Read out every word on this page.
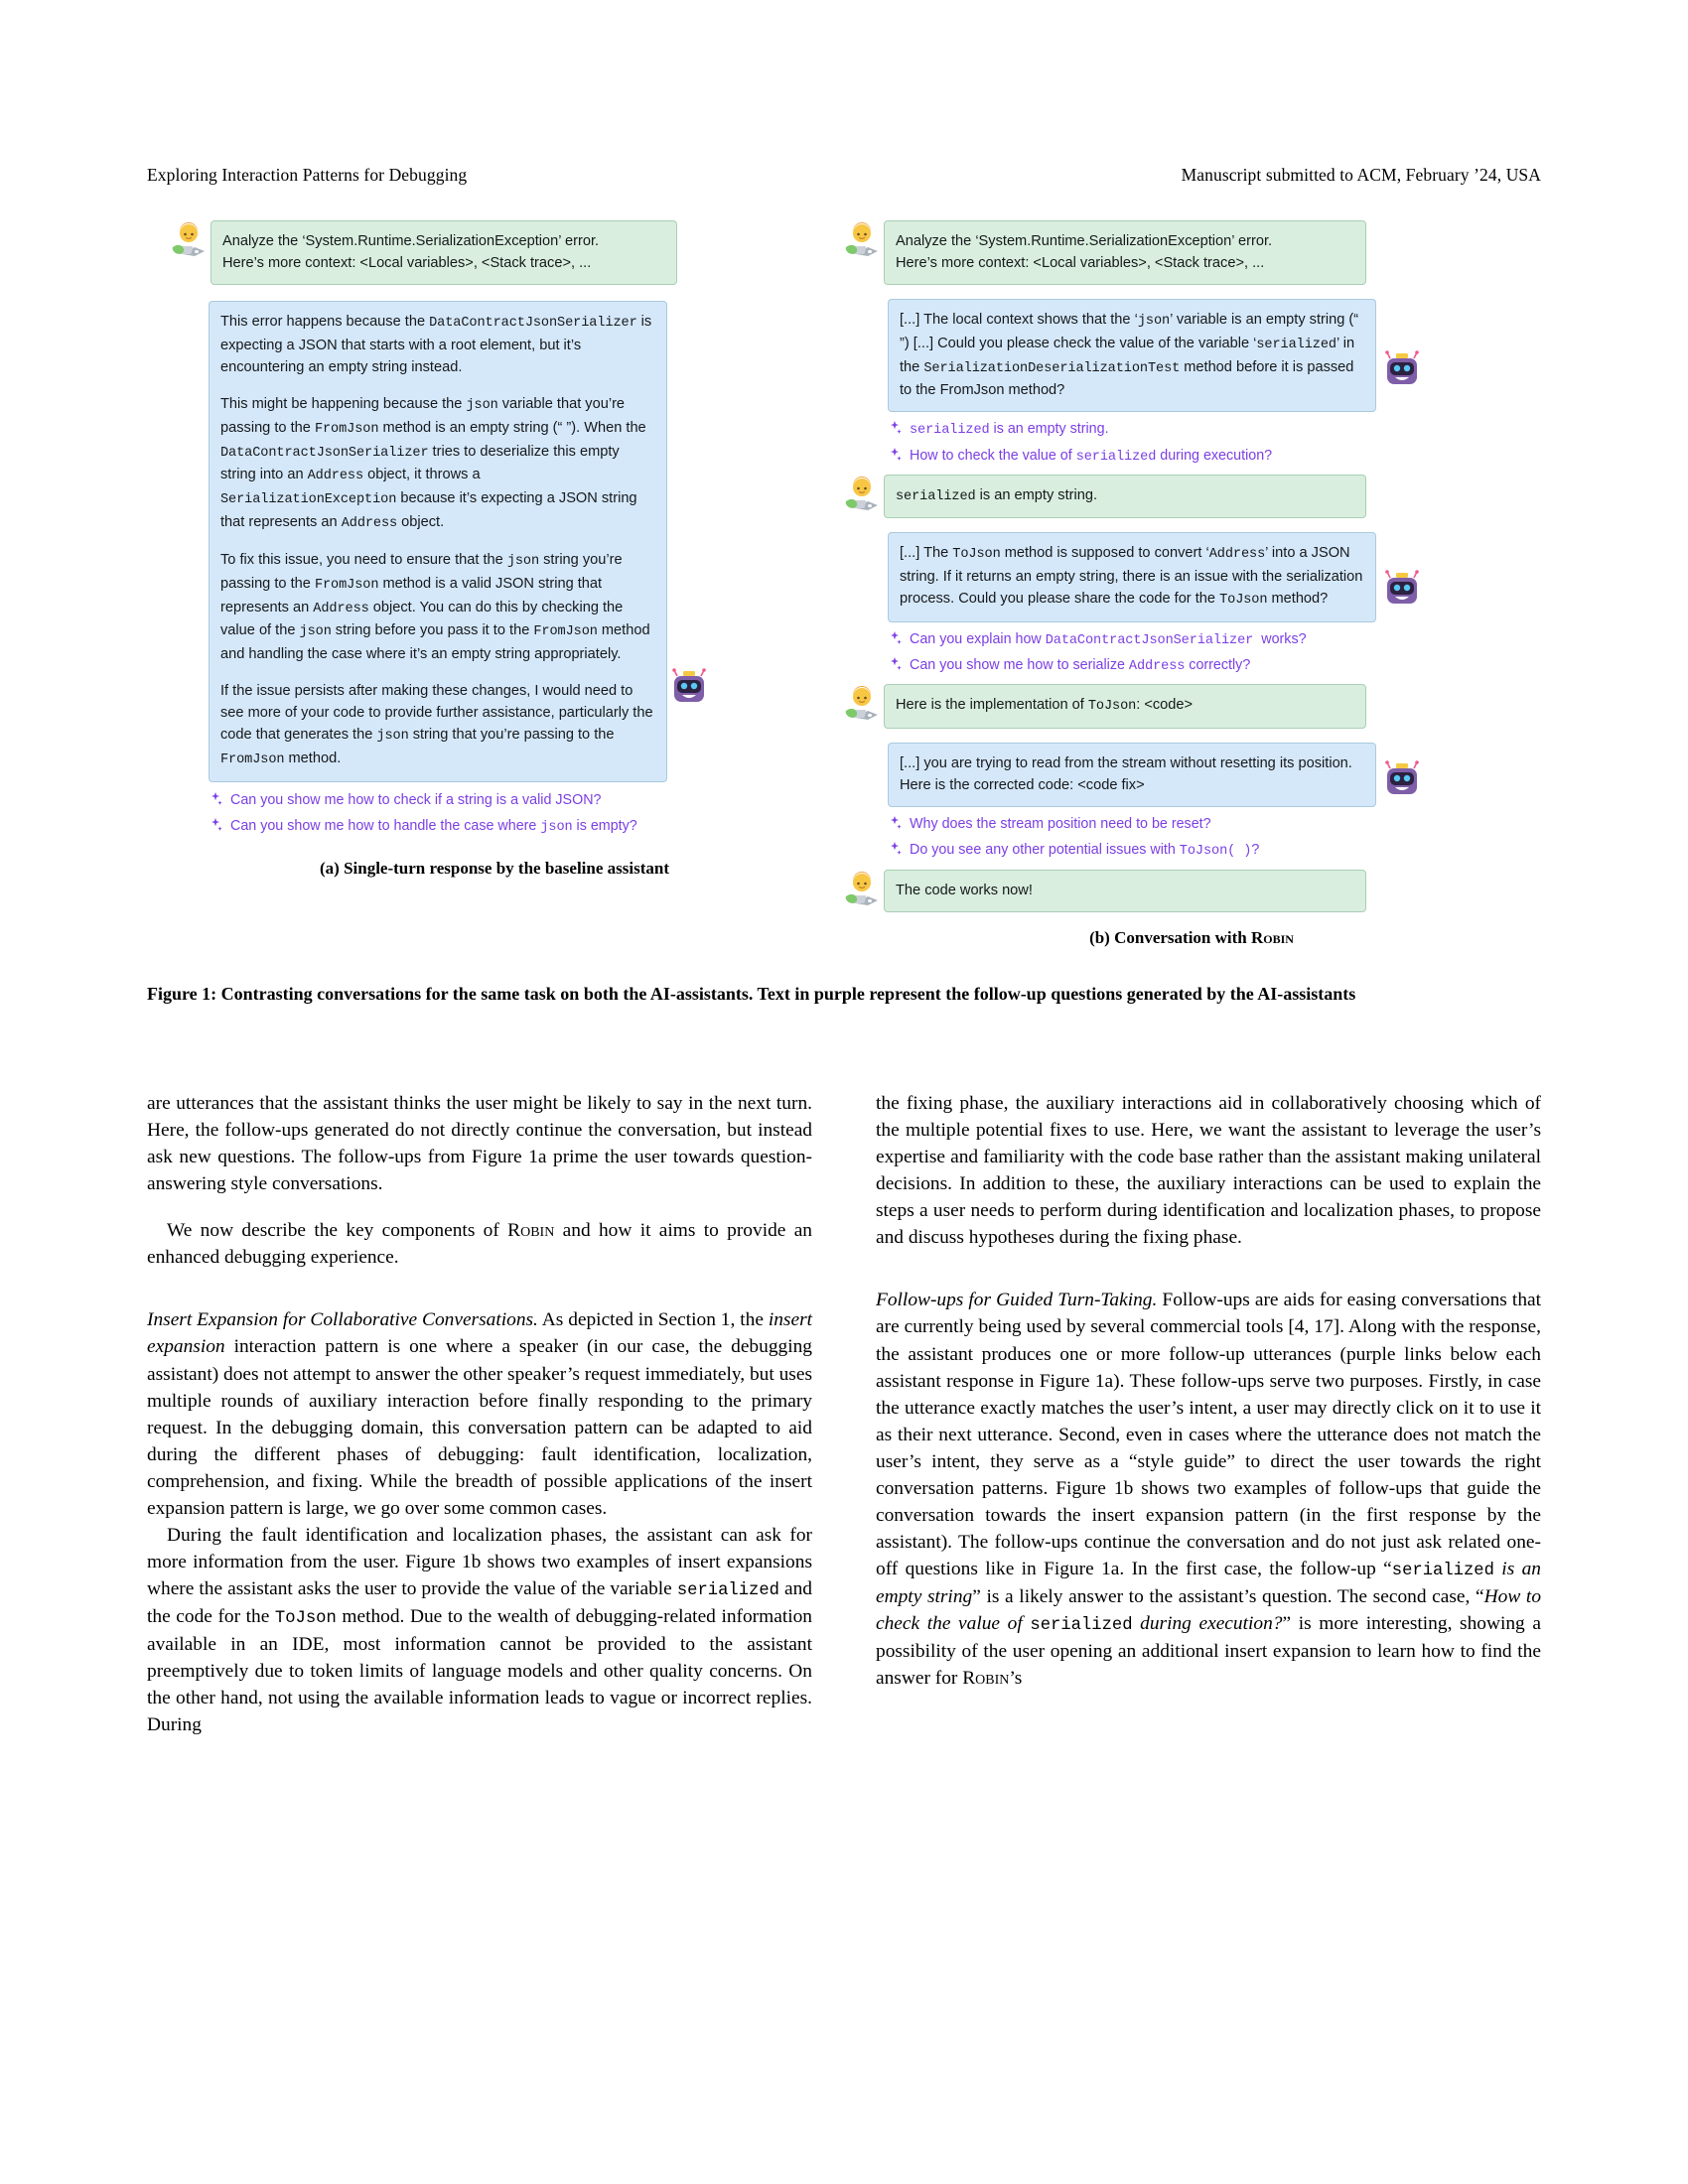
Exploring Interaction Patterns for Debugging	Manuscript submitted to ACM, February ’24, USA
Analyze the ‘System.Runtime.SerializationException’ error.
Here’s more context: <Local variables>, <Stack trace>, ...

This error happens because the DataContractJsonSerializer is expecting a JSON that starts with a root element, but it’s encountering an empty string instead.

This might be happening because the json variable that you’re passing to the FromJson method is an empty string (“ ”). When the DataContractJsonSerializer tries to deserialize this empty string into an Address object, it throws a SerializationException because it’s expecting a JSON string that represents an Address object.

To fix this issue, you need to ensure that the json string you’re passing to the FromJson method is a valid JSON string that represents an Address object. You can do this by checking the value of the json string before you pass it to the FromJson method and handling the case where it’s an empty string appropriately.

If the issue persists after making these changes, I would need to see more of your code to provide further assistance, particularly the code that generates the json string that you’re passing to the FromJson method.

Can you show me how to check if a string is a valid JSON?
Can you show me how to handle the case where json is empty?
(a) Single-turn response by the baseline assistant
Analyze the ‘System.Runtime.SerializationException’ error.
Here’s more context: <Local variables>, <Stack trace>, ...

[...] The local context shows that the ‘json’ variable is an empty string (“ ”) [...] Could you please check the value of the variable ‘serialized’ in the SerializationDeserializationTest method before it is passed to the FromJson method?

serialized is an empty string.
How to check the value of serialized during execution?
serialized is an empty string.

[...] The ToJson method is supposed to convert ‘Address’ into a JSON string. If it returns an empty string, there is an issue with the serialization process. Could you please share the code for the ToJson method?

Can you explain how DataContractJsonSerializer works?
Can you show me how to serialize Address correctly?
Here is the implementation of ToJson: <code>

[...] you are trying to read from the stream without resetting its position. Here is the corrected code: <code fix>

Why does the stream position need to be reset?
Do you see any other potential issues with ToJson( )?
The code works now!
(b) Conversation with Robin
Figure 1: Contrasting conversations for the same task on both the AI-assistants. Text in purple represent the follow-up questions generated by the AI-assistants

are utterances that the assistant thinks the user might be likely to say in the next turn. Here, the follow-ups generated do not directly continue the conversation, but instead ask new questions. The follow-ups from Figure 1a prime the user towards question-answering style conversations.

We now describe the key components of Robin and how it aims to provide an enhanced debugging experience.

Insert Expansion for Collaborative Conversations. As depicted in Section 1, the insert expansion interaction pattern is one where a speaker (in our case, the debugging assistant) does not attempt to answer the other speaker’s request immediately, but uses multiple rounds of auxiliary interaction before finally responding to the primary request. In the debugging domain, this conversation pattern can be adapted to aid during the different phases of debugging: fault identification, localization, comprehension, and fixing. While the breadth of possible applications of the insert expansion pattern is large, we go over some common cases.

During the fault identification and localization phases, the assistant can ask for more information from the user. Figure 1b shows two examples of insert expansions where the assistant asks the user to provide the value of the variable serialized and the code for the ToJson method. Due to the wealth of debugging-related information available in an IDE, most information cannot be provided to the assistant preemptively due to token limits of language models and other quality concerns. On the other hand, not using the available information leads to vague or incorrect replies. During

the fixing phase, the auxiliary interactions aid in collaboratively choosing which of the multiple potential fixes to use. Here, we want the assistant to leverage the user’s expertise and familiarity with the code base rather than the assistant making unilateral decisions. In addition to these, the auxiliary interactions can be used to explain the steps a user needs to perform during identification and localization phases, to propose and discuss hypotheses during the fixing phase.

Follow-ups for Guided Turn-Taking. Follow-ups are aids for easing conversations that are currently being used by several commercial tools [4, 17]. Along with the response, the assistant produces one or more follow-up utterances (purple links below each assistant response in Figure 1a). These follow-ups serve two purposes. Firstly, in case the utterance exactly matches the user’s intent, a user may directly click on it to use it as their next utterance. Second, even in cases where the utterance does not match the user’s intent, they serve as a “style guide” to direct the user towards the right conversation patterns. Figure 1b shows two examples of follow-ups that guide the conversation towards the insert expansion pattern (in the first response by the assistant). The follow-ups continue the conversation and do not just ask related one-off questions like in Figure 1a. In the first case, the follow-up “serialized is an empty string” is a likely answer to the assistant’s question. The second case, “How to check the value of serialized during execution?” is more interesting, showing a possibility of the user opening an additional insert expansion to learn how to find the answer for Robin’s
